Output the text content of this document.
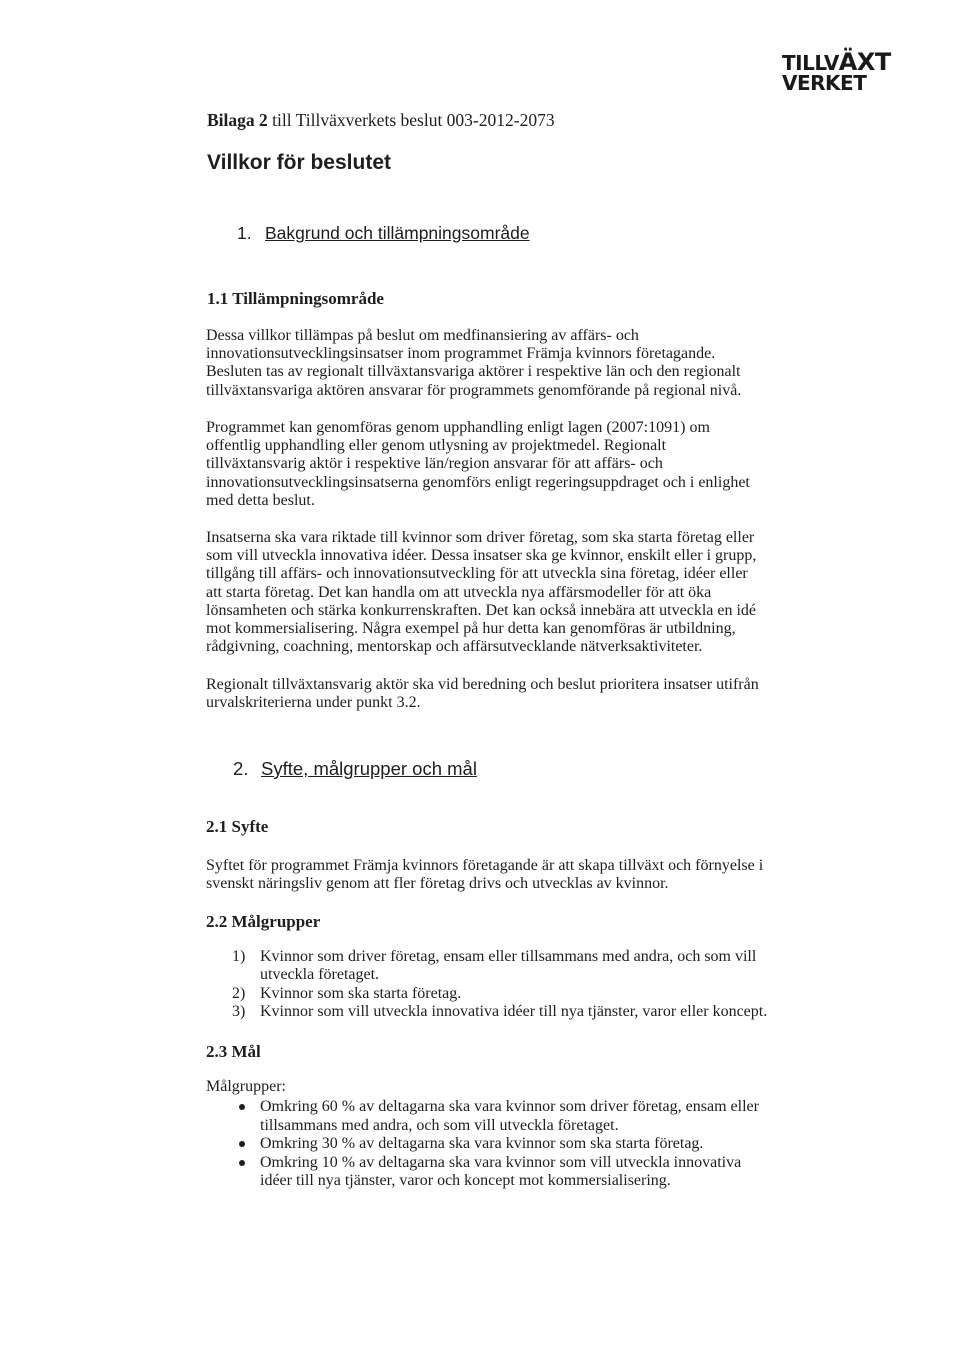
TILLVÄXT
VERKET
Bilaga 2 till Tillväxverkets beslut 003-2012-2073
Villkor för beslutet
1. Bakgrund och tillämpningsområde
1.1 Tillämpningsområde
Dessa villkor tillämpas på beslut om medfinansiering av affärs- och
innovationsutvecklingsinsatser inom programmet Främja kvinnors företagande.
Besluten tas av regionalt tillväxtansvariga aktörer i respektive län och den regionalt
tillväxtansvariga aktören ansvarar för programmets genomförande på regional nivå.
Programmet kan genomföras genom upphandling enligt lagen (2007:1091) om
offentlig upphandling eller genom utlysning av projektmedel. Regionalt
tillväxtansvarig aktör i respektive län/region ansvarar för att affärs- och
innovationsutvecklingsinsatserna genomförs enligt regeringsuppdraget och i enlighet
med detta beslut.
Insatserna ska vara riktade till kvinnor som driver företag, som ska starta företag eller
som vill utveckla innovativa idéer. Dessa insatser ska ge kvinnor, enskilt eller i grupp,
tillgång till affärs- och innovationsutveckling för att utveckla sina företag, idéer eller
att starta företag. Det kan handla om att utveckla nya affärsmodeller för att öka
lönsamheten och stärka konkurrenskraften. Det kan också innebära att utveckla en idé
mot kommersialisering. Några exempel på hur detta kan genomföras är utbildning,
rådgivning, coachning, mentorskap och affärsutvecklande nätverksaktiviteter.
Regionalt tillväxtansvarig aktör ska vid beredning och beslut prioritera insatser utifrån
urvalskriterierna under punkt 3.2.
2. Syfte, målgrupper och mål
2.1 Syfte
Syftet för programmet Främja kvinnors företagande är att skapa tillväxt och förnyelse i
svenskt näringsliv genom att fler företag drivs och utvecklas av kvinnor.
2.2 Målgrupper
1) Kvinnor som driver företag, ensam eller tillsammans med andra, och som vill
utveckla företaget.
2) Kvinnor som ska starta företag.
3) Kvinnor som vill utveckla innovativa idéer till nya tjänster, varor eller koncept.
2.3 Mål
Målgrupper:
Omkring 60 % av deltagarna ska vara kvinnor som driver företag, ensam eller
tillsammans med andra, och som vill utveckla företaget.
Omkring 30 % av deltagarna ska vara kvinnor som ska starta företag.
Omkring 10 % av deltagarna ska vara kvinnor som vill utveckla innovativa
idéer till nya tjänster, varor och koncept mot kommersialisering.
